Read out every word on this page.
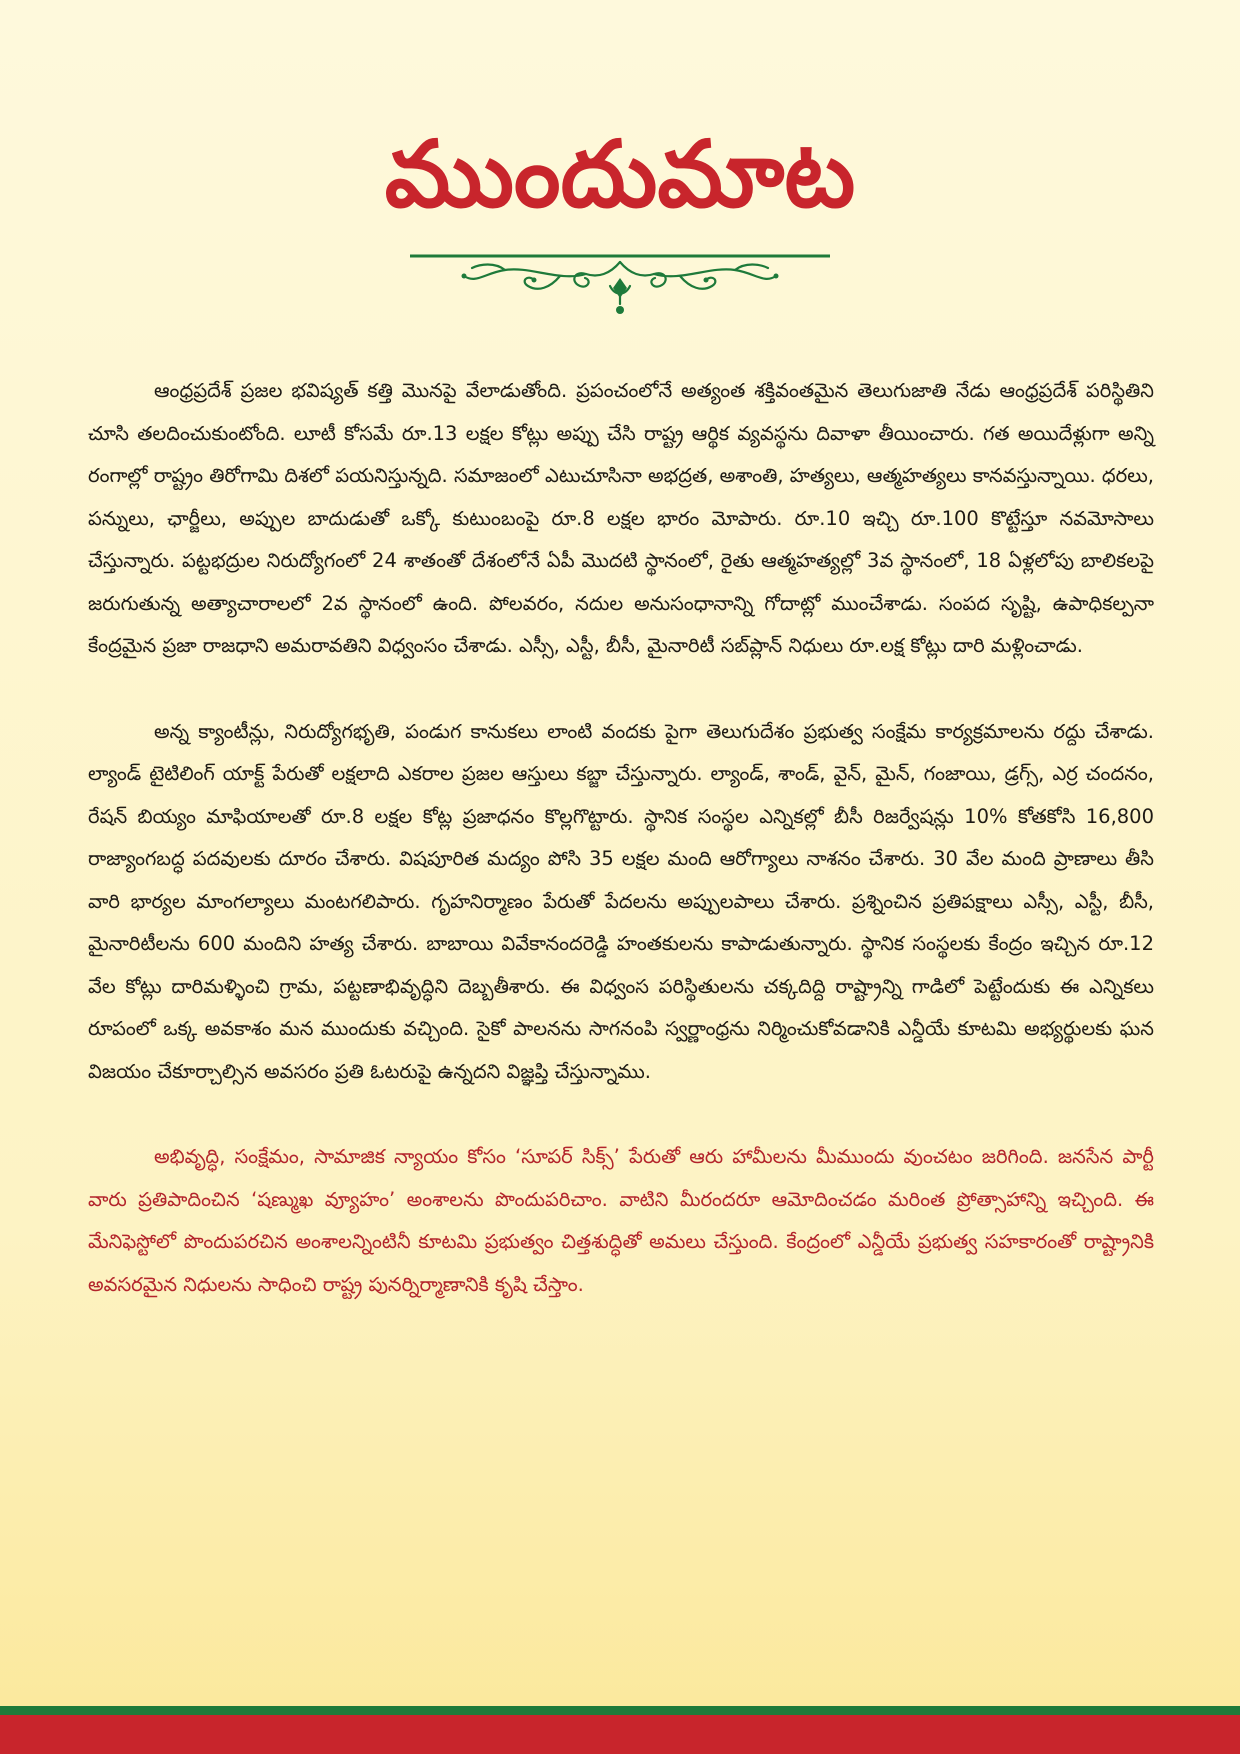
ముందుమాట

ఆంధ్రప్రదేశ్ ప్రజల భవిష్యత్ కత్తి మొనపై వేలాడుతోంది. ప్రపంచంలోనే అత్యంత శక్తివంతమైన తెలుగుజాతి నేడు ఆంధ్రప్రదేశ్ పరిస్థితిని చూసి తలదించుకుంటోంది. లూటీ కోసమే రూ.13 లక్షల కోట్లు అప్పు చేసి రాష్ట్ర ఆర్థిక వ్యవస్థను దివాళా తీయించారు. గత అయిదేళ్లుగా అన్ని రంగాల్లో రాష్ట్రం తిరోగామి దిశలో పయనిస్తున్నది. సమాజంలో ఎటుచూసినా అభద్రత, అశాంతి, హత్యలు, ఆత్మహత్యలు కానవస్తున్నాయి. ధరలు, పన్నులు, ఛార్జీలు, అప్పుల బాదుడుతో ఒక్కో కుటుంబంపై రూ.8 లక్షల భారం మోపారు. రూ.10 ఇచ్చి రూ.100 కొట్టేస్తూ నవమోసాలు చేస్తున్నారు. పట్టభద్రుల నిరుద్యోగంలో 24 శాతంతో దేశంలోనే ఏపీ మొదటి స్థానంలో, రైతు ఆత్మహత్యల్లో 3వ స్థానంలో, 18 ఏళ్లలోపు బాలికలపై జరుగుతున్న అత్యాచారాలలో 2వ స్థానంలో ఉంది. పోలవరం, నదుల అనుసంధానాన్ని గోదాట్లో ముంచేశాడు. సంపద సృష్టి, ఉపాధికల్పనా కేంద్రమైన ప్రజా రాజధాని అమరావతిని విధ్వంసం చేశాడు. ఎస్సీ, ఎస్టీ, బీసీ, మైనారిటీ సబ్‌ప్లాన్ నిధులు రూ.లక్ష కోట్లు దారి మళ్లించాడు.

అన్న క్యాంటీన్లు, నిరుద్యోగభృతి, పండుగ కానుకలు లాంటి వందకు పైగా తెలుగుదేశం ప్రభుత్వ సంక్షేమ కార్యక్రమాలను రద్దు చేశాడు. ల్యాండ్ టైటిలింగ్ యాక్ట్ పేరుతో లక్షలాది ఎకరాల ప్రజల ఆస్తులు కబ్జా చేస్తున్నారు. ల్యాండ్, శాండ్, వైన్, మైన్, గంజాయి, డ్రగ్స్, ఎర్ర చందనం, రేషన్ బియ్యం మాఫియాలతో రూ.8 లక్షల కోట్ల ప్రజాధనం కొల్లగొట్టారు. స్థానిక సంస్థల ఎన్నికల్లో బీసీ రిజర్వేషన్లు 10% కోతకోసి 16,800 రాజ్యాంగబద్ధ పదవులకు దూరం చేశారు. విషపూరిత మద్యం పోసి 35 లక్షల మంది ఆరోగ్యాలు నాశనం చేశారు. 30 వేల మంది ప్రాణాలు తీసి వారి భార్యల మాంగల్యాలు మంటగలిపారు. గృహనిర్మాణం పేరుతో పేదలను అప్పులపాలు చేశారు. ప్రశ్నించిన ప్రతిపక్షాలు ఎస్సీ, ఎస్టీ, బీసీ, మైనారిటీలను 600 మందిని హత్య చేశారు. బాబాయి వివేకానందరెడ్డి హంతకులను కాపాడుతున్నారు. స్థానిక సంస్థలకు కేంద్రం ఇచ్చిన రూ.12 వేల కోట్లు దారిమళ్ళించి గ్రామ, పట్టణాభివృద్ధిని దెబ్బతీశారు. ఈ విధ్వంస పరిస్థితులను చక్కదిద్ది రాష్ట్రాన్ని గాడిలో పెట్టేందుకు ఈ ఎన్నికలు రూపంలో ఒక్క అవకాశం మన ముందుకు వచ్చింది. సైకో పాలనను సాగనంపి స్వర్ణాంధ్రను నిర్మించుకోవడానికి ఎన్డీయే కూటమి అభ్యర్థులకు ఘన విజయం చేకూర్చాల్సిన అవసరం ప్రతి ఓటరుపై ఉన్నదని విజ్ఞప్తి చేస్తున్నాము.

అభివృద్ధి, సంక్షేమం, సామాజిక న్యాయం కోసం ‘సూపర్ సిక్స్’ పేరుతో ఆరు హామీలను మీముందు వుంచటం జరిగింది. జనసేన పార్టీ వారు ప్రతిపాదించిన ‘షణ్ముఖ వ్యూహం’ అంశాలను పొందుపరిచాం. వాటిని మీరందరూ ఆమోదించడం మరింత ప్రోత్సాహాన్ని ఇచ్చింది. ఈ మేనిఫెస్టోలో పొందుపరచిన అంశాలన్నింటినీ కూటమి ప్రభుత్వం చిత్తశుద్ధితో అమలు చేస్తుంది. కేంద్రంలో ఎన్డీయే ప్రభుత్వ సహకారంతో రాష్ట్రానికి అవసరమైన నిధులను సాధించి రాష్ట్ర పునర్నిర్మాణానికి కృషి చేస్తాం.
